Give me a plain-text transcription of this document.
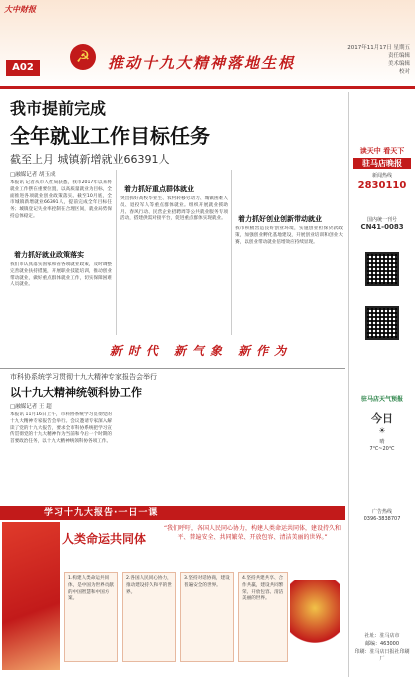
大中财报
A02
☭	推动十九大精神落地生根
2017年11月17日 星期五
责任编辑
美术编辑
校对
我市提前完成
全年就业工作目标任务
截至上月 城镇新增就业66391人
□融媒记者 胡玉成
本报讯 记者从市人社局获悉，我市2017年以来将就业工作摆在重要位置，以高质量就业为目标，全面推进各项就业创业政策落实。截至10月底，全市城镇新增就业66391人，提前完成全年目标任务；城镇登记失业率控制在合理区间，就业局势保持总体稳定。
着力抓好就业政策落实
我们市认真落实国家和省各项就业政策，及时调整完善就业扶持措施，开展职业技能培训，推动创业带动就业，做好重点群体就业工作，切实保障困难人员就业。
着力抓好重点群体就业
突出抓好高校毕业生、农村转移劳动力、城镇困难人员、退役军人等重点群体就业。组织开展就业援助月、春风行动、民营企业招聘周等公共就业服务专项活动，搭建供需对接平台，促进重点群体实现就业。	着力抓好创业创新带动就业
我市积极营造良好创业环境，实施创业担保贷款政策，加强创业孵化基地建设，开展创业培训和创业大赛，以创业带动就业倍增效应持续显现。
新时代 新气象 新作为
市科协系统学习贯彻十九大精神专家报告会举行
以十九大精神统领科协工作
□融媒记者 王 超
本报讯 11月16日上午，市科协系统学习贯彻党的十九大精神专家报告会举行。会议邀请专家深入解读了党的十九大报告，要求全市科协系统把学习宣传贯彻党的十九大精神作为当前和今后一个时期的首要政治任务，以十九大精神统领科协各项工作。
学习十九大报告·一日一课
人类命运共同体
“我们呼吁，各国人民同心协力，构建人类命运共同体，建设持久和平、普遍安全、共同繁荣、开放包容、清洁美丽的世界。”
1.构建人类命运共同体，是中国为世界贡献的中国智慧和中国方案。
2.各国人民同心协力，推动建设持久和平的世界。
3.坚持对话协商，建设普遍安全的世界。
4.坚持共建共享、合作共赢，建设共同繁荣、开放包容、清洁美丽的世界。
读天中 看天下
驻马店晚报
新闻热线
2830110
国内统一刊号
CN41-0083
驻马店天气预报
今日
☀
晴
7℃~20℃
广告热线
0396-3838707
社址：驻马店市
邮编：463000
印刷：驻马店日报社印刷厂
